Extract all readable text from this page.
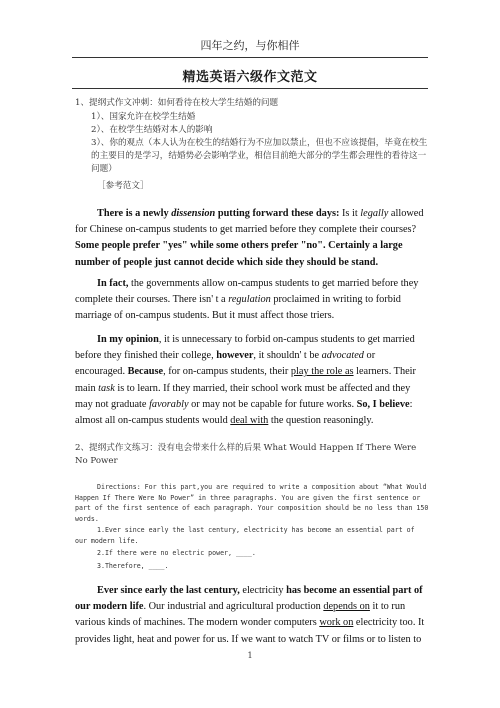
四年之约，与你相伴
精选英语六级作文范文
1、提纲式作文冲刺：如何看待在校大学生结婚的问题
1）、国家允许在校学生结婚
2）、在校学生结婚对本人的影响
3）、你的观点（本人认为在校生的结婚行为不应加以禁止，但也不应该提倡，毕竟在校生的主要目的是学习，结婚势必会影响学业，相信目前绝大部分的学生都会理性的看待这一问题）
［参考范文］
There is a newly dissension putting forward these days: Is it legally allowed for Chinese on-campus students to get married before they complete their courses? Some people prefer "yes" while some others prefer "no". Certainly a large number of people just cannot decide which side they should be stand.
In fact, the governments allow on-campus students to get married before they complete their courses. There isn' t a regulation proclaimed in writing to forbid marriage of on-campus students. But it must affect those triers.
In my opinion, it is unnecessary to forbid on-campus students to get married before they finished their college, however, it shouldn' t be advocated or encouraged. Because, for on-campus students, their play the role as learners. Their main task is to learn. If they married, their school work must be affected and they may not graduate favorably or may not be capable for future works. So, I believe: almost all on-campus students would deal with the question reasoningly.
2、提纲式作文练习：没有电会带来什么样的后果 What Would Happen If There Were No Power
Directions: For this part,you are required to write a composition about “What Would Happen If There Were No Power” in three paragraphs. You are given the first sentence or part of the first sentence of each paragraph. Your composition should be no less than 150 words.
1.Ever since early the last century, electricity has become an essential part of our modern life.
2.If there were no electric power, ____.
3.Therefore, ____.
Ever since early the last century, electricity has become an essential part of our modern life. Our industrial and agricultural production depends on it to run various kinds of machines. The modern wonder computers work on electricity too. It provides light, heat and power for us. If we want to watch TV or films or to listen to
1
